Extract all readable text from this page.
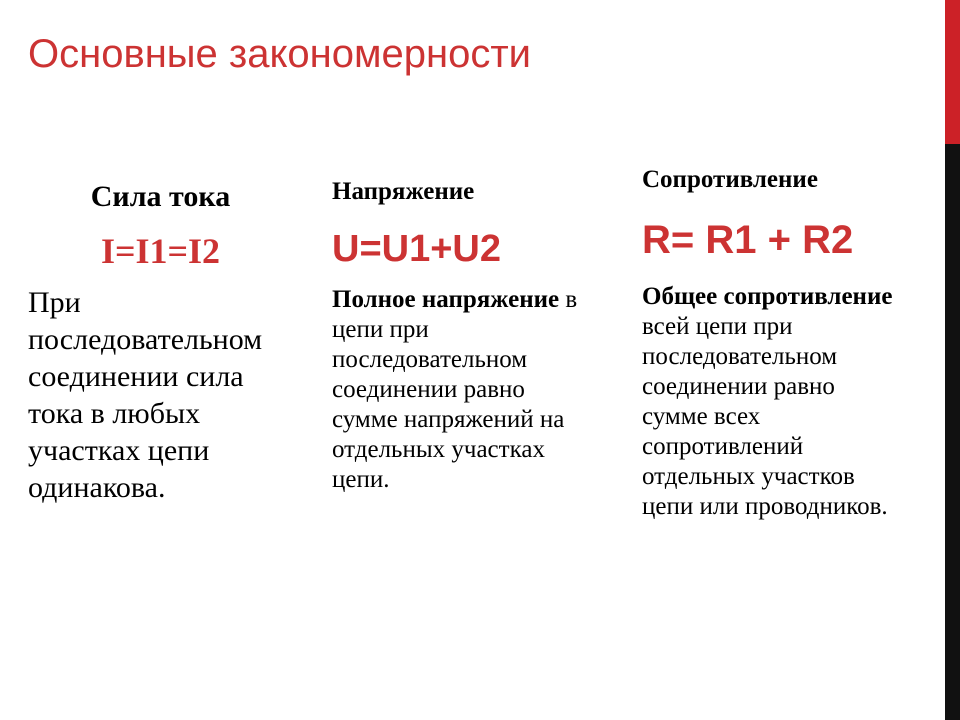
Основные закономерности
Сила тока
I=I1=I2
При последовательном соединении сила тока в любых участках цепи одинакова.
Напряжение
U=U1+U2
Полное напряжение в цепи при последовательном соединении равно сумме напряжений на отдельных участках цепи.
Сопротивление
R= R1 + R2
Общее сопротивление всей цепи при последовательном соединении равно сумме всех сопротивлений отдельных участков цепи или проводников.
